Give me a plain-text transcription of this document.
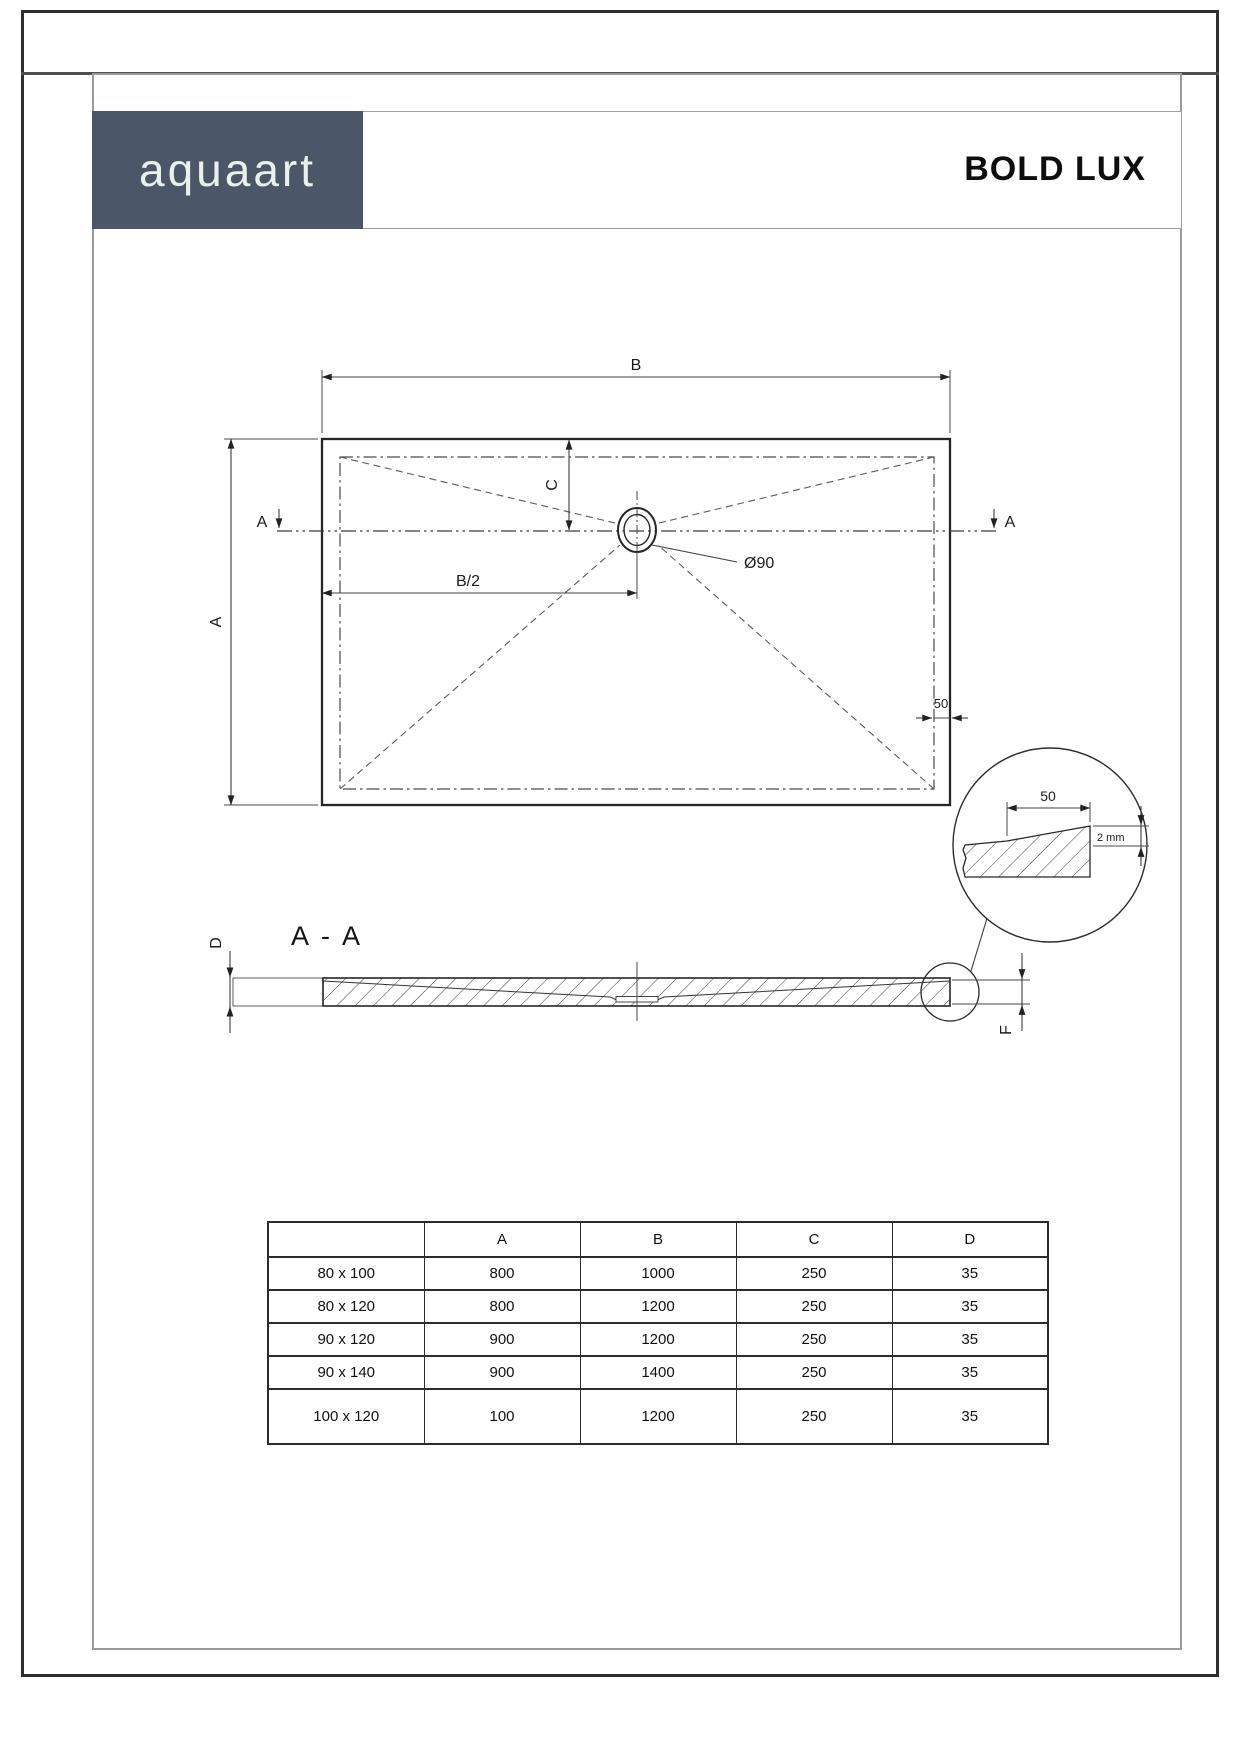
aquaart	BOLD LUX
A	A
B
A
C
B/2
Ø90
50
A - A
D
F
50
2 mm
	A	B	C	D
80 x 100	800	1000	250	35
80 x 120	800	1200	250	35
90 x 120	900	1200	250	35
90 x 140	900	1400	250	35
100 x 120	100	1200	250	35
